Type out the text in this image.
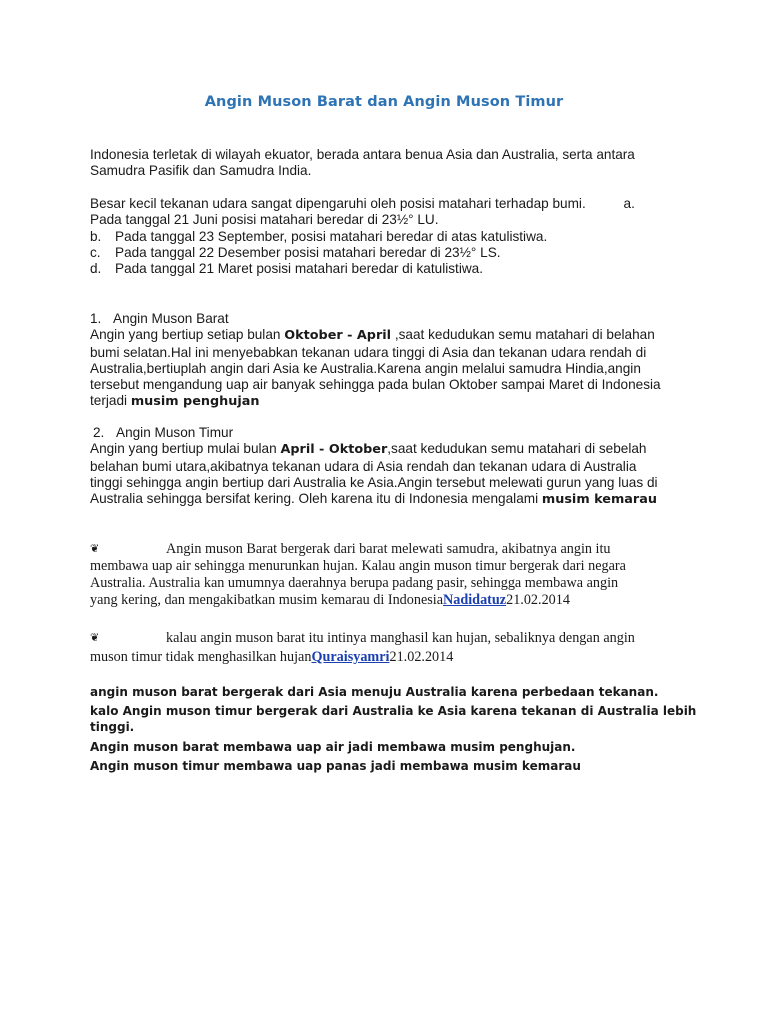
Angin Muson Barat dan Angin Muson Timur

Indonesia terletak di wilayah ekuator, berada antara benua Asia dan Australia, serta antara

Samudra Pasifik dan Samudra India.

Besar kecil tekanan udara sangat dipengaruhi oleh posisi matahari terhadap bumi.	a.

Pada tanggal 21 Juni posisi matahari beredar di 23½° LU.

b.	Pada tanggal 23 September, posisi matahari beredar di atas katulistiwa.
c.	Pada tanggal 22 Desember posisi matahari beredar di 23½° LS.
d.	Pada tanggal 21 Maret posisi matahari beredar di katulistiwa.
1. Angin Muson Barat

Angin yang bertiup setiap bulan Oktober - April ,saat kedudukan semu matahari di belahan

bumi selatan.Hal ini menyebabkan tekanan udara tinggi di Asia dan tekanan udara rendah di

Australia,bertiuplah angin dari Asia ke Australia.Karena angin melalui samudra Hindia,angin

tersebut mengandung uap air banyak sehingga pada bulan Oktober sampai Maret di Indonesia

terjadi musim penghujan

2. Angin Muson Timur

Angin yang bertiup mulai bulan April - Oktober,saat kedudukan semu matahari di sebelah

belahan bumi utara,akibatnya tekanan udara di Asia rendah dan tekanan udara di Australia

tinggi sehingga angin bertiup dari Australia ke Asia.Angin tersebut melewati gurun yang luas di

Australia sehingga bersifat kering. Oleh karena itu di Indonesia mengalami musim kemarau

❦	Angin muson Barat bergerak dari barat melewati samudra, akibatnya angin itu

membawa uap air sehingga menurunkan hujan. Kalau angin muson timur bergerak dari negara

Australia. Australia kan umumnya daerahnya berupa padang pasir, sehingga membawa angin

yang kering, dan mengakibatkan musim kemarau di IndonesiaNadidatuz21.02.2014

❦	kalau angin muson barat itu intinya manghasil kan hujan, sebaliknya dengan angin

muson timur tidak menghasilkan hujanQuraisyamri21.02.2014

angin muson barat bergerak dari Asia menuju Australia karena perbedaan tekanan.

kalo Angin muson timur bergerak dari Australia ke Asia karena tekanan di Australia lebih tinggi.

Angin muson barat membawa uap air jadi membawa musim penghujan.

Angin muson timur membawa uap panas jadi membawa musim kemarau
